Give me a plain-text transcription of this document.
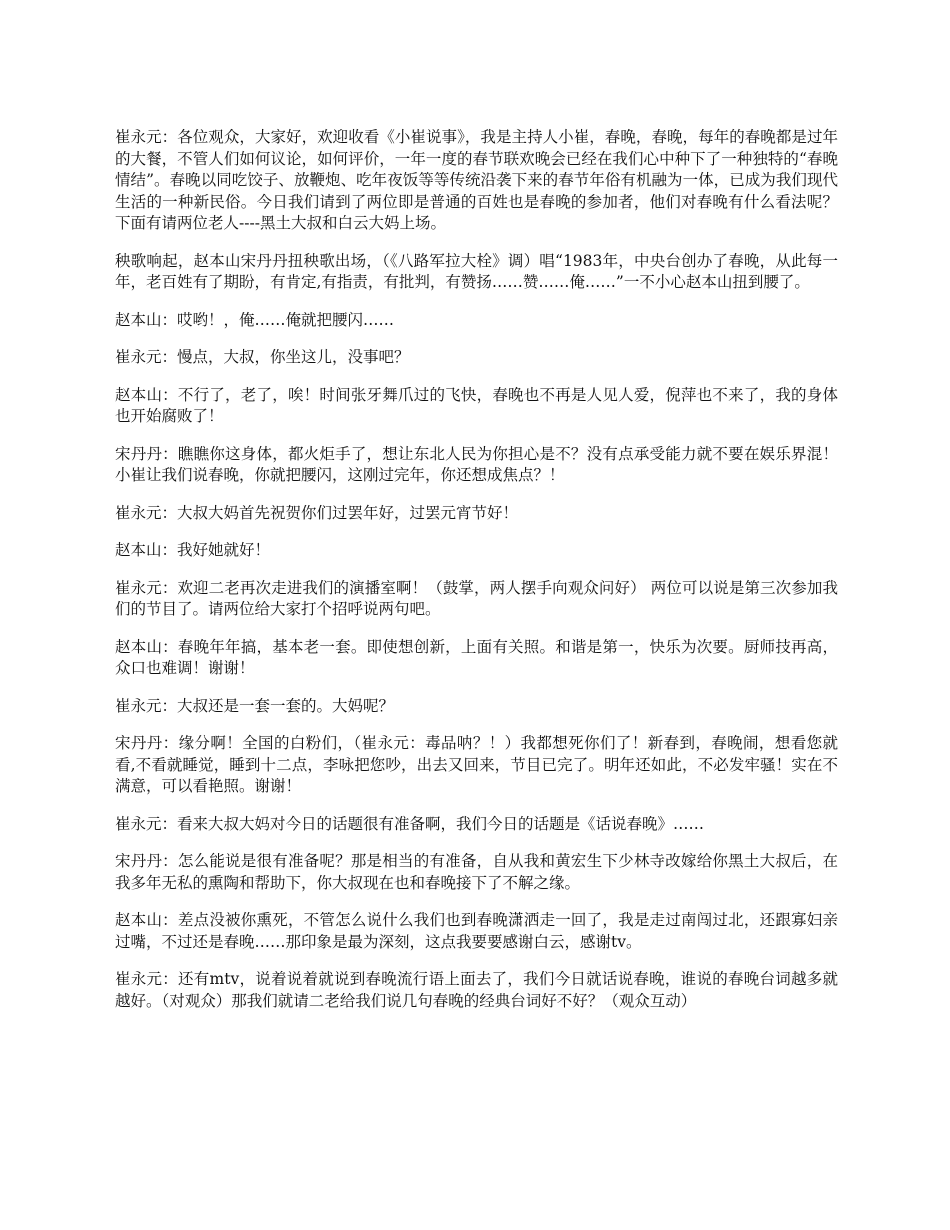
崔永元：各位观众，大家好，欢迎收看《小崔说事》，我是主持人小崔，春晚，春晚，每年的春晚都是过年的大餐，不管人们如何议论，如何评价，一年一度的春节联欢晚会已经在我们心中种下了一种独特的“春晚情结”。春晚以同吃饺子、放鞭炮、吃年夜饭等等传统沿袭下来的春节年俗有机融为一体，已成为我们现代生活的一种新民俗。今日我们请到了两位即是普通的百姓也是春晚的参加者，他们对春晚有什么看法呢？下面有请两位老人----黑土大叔和白云大妈上场。

秧歌响起，赵本山宋丹丹扭秧歌出场，（《八路军拉大栓》调）唱“1983年，中央台创办了春晚，从此每一年，老百姓有了期盼，有肯定,有指责，有批判，有赞扬……赞……俺……”一不小心赵本山扭到腰了。

赵本山：哎哟！，俺……俺就把腰闪……

崔永元：慢点，大叔，你坐这儿，没事吧？

赵本山：不行了，老了，唉！时间张牙舞爪过的飞快，春晚也不再是人见人爱，倪萍也不来了，我的身体也开始腐败了！

宋丹丹：瞧瞧你这身体，都火炬手了，想让东北人民为你担心是不？没有点承受能力就不要在娱乐界混！小崔让我们说春晚，你就把腰闪，这刚过完年，你还想成焦点？！

崔永元：大叔大妈首先祝贺你们过罢年好，过罢元宵节好！

赵本山：我好她就好！

崔永元：欢迎二老再次走进我们的演播室啊！（鼓掌，两人摆手向观众问好） 两位可以说是第三次参加我们的节目了。请两位给大家打个招呼说两句吧。

赵本山：春晚年年搞，基本老一套。即使想创新，上面有关照。和谐是第一，快乐为次要。厨师技再高，众口也难调！谢谢！

崔永元：大叔还是一套一套的。大妈呢？

宋丹丹：缘分啊！全国的白粉们，（崔永元：毒品呐？！）我都想死你们了！新春到，春晚闹，想看您就看,不看就睡觉，睡到十二点，李咏把您吵，出去又回来，节目已完了。明年还如此，不必发牢骚！实在不满意，可以看艳照。谢谢！

崔永元：看来大叔大妈对今日的话题很有准备啊，我们今日的话题是《话说春晚》……

宋丹丹：怎么能说是很有准备呢？那是相当的有准备，自从我和黄宏生下少林寺改嫁给你黑土大叔后，在我多年无私的熏陶和帮助下，你大叔现在也和春晚接下了不解之缘。

赵本山：差点没被你熏死，不管怎么说什么我们也到春晚潇洒走一回了，我是走过南闯过北，还跟寡妇亲过嘴，不过还是春晚……那印象是最为深刻，这点我要要感谢白云，感谢tv。

崔永元：还有mtv，说着说着就说到春晚流行语上面去了，我们今日就话说春晚，谁说的春晚台词越多就越好。（对观众）那我们就请二老给我们说几句春晚的经典台词好不好？（观众互动）
